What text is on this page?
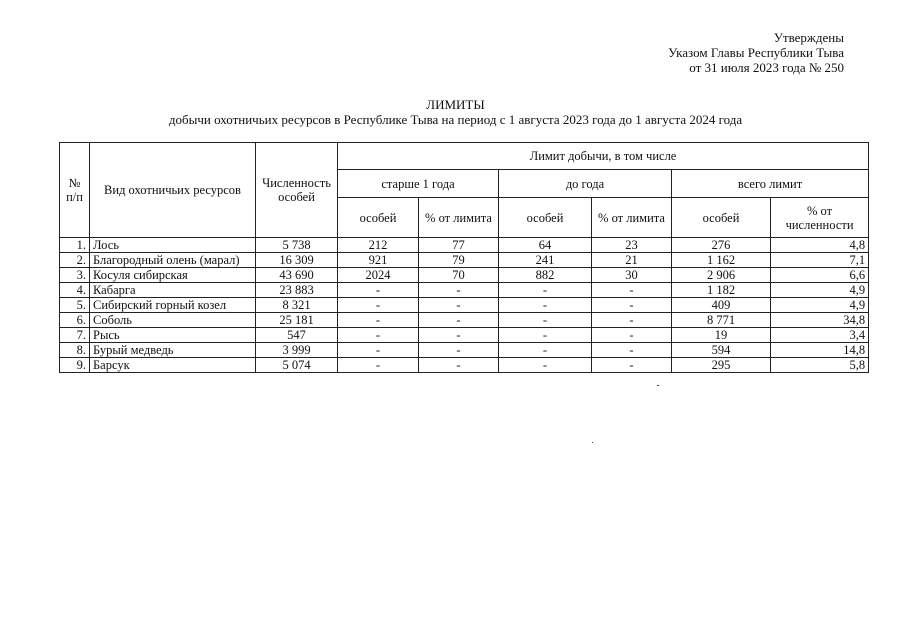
Утверждены
Указом Главы Республики Тыва
от 31 июля 2023 года № 250
ЛИМИТЫ
добычи охотничьих ресурсов в Республике Тыва на период с 1 августа 2023 года до 1 августа 2024 года
№ п/п	Вид охотничьих ресурсов	Численность особей	Лимит добычи, в том числе					
			старше 1 года		до года		всего лимит	
			особей	% от лимита	особей	% от лимита	особей	% от численности
1.	Лось	5 738	212	77	64	23	276	4,8
2.	Благородный олень (марал)	16 309	921	79	241	21	1 162	7,1
3.	Косуля сибирская	43 690	2024	70	882	30	2 906	6,6
4.	Кабарга	23 883	-	-	-	-	1 182	4,9
5.	Сибирский горный козел	8 321	-	-	-	-	409	4,9
6.	Соболь	25 181	-	-	-	-	8 771	34,8
7.	Рысь	547	-	-	-	-	19	3,4
8.	Бурый медведь	3 999	-	-	-	-	594	14,8
9.	Барсук	5 074	-	-	-	-	295	5,8
